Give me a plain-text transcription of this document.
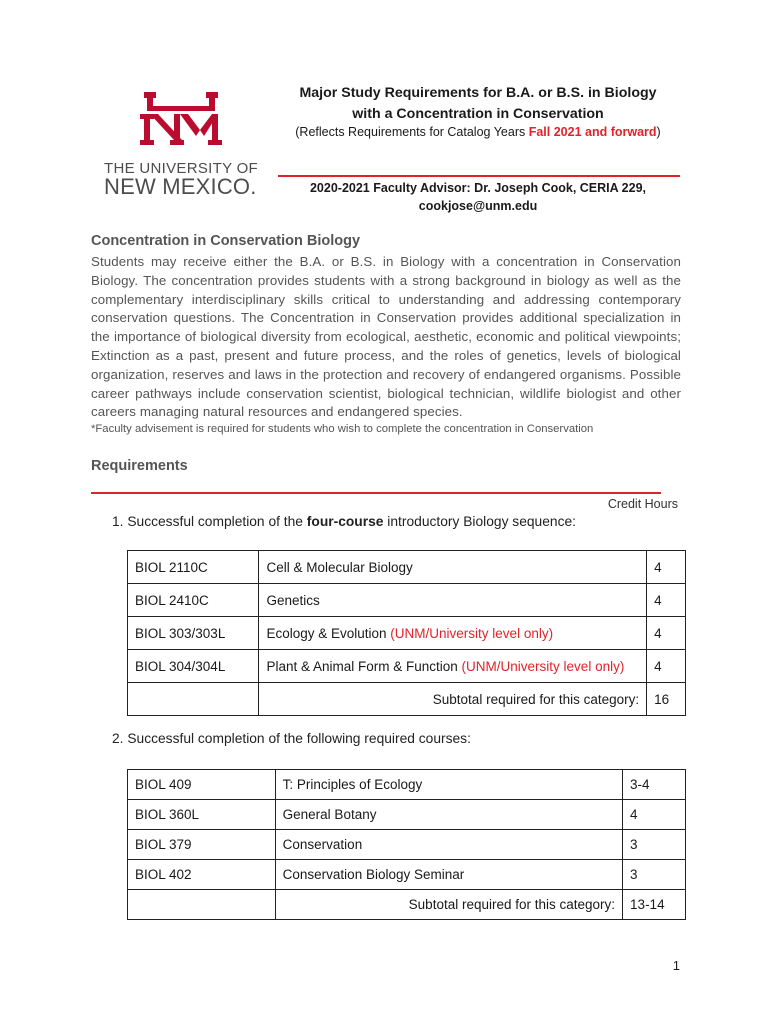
THE UNIVERSITY OF
NEW MEXICO.
Major Study Requirements for B.A. or B.S. in Biology
with a Concentration in Conservation
(Reflects Requirements for Catalog Years Fall 2021 and forward)
2020-2021 Faculty Advisor: Dr. Joseph Cook, CERIA 229,
cookjose@unm.edu
Concentration in Conservation Biology
Students may receive either the B.A. or B.S. in Biology with a concentration in Conservation Biology. The concentration provides students with a strong background in biology as well as the complementary interdisciplinary skills critical to understanding and addressing contemporary conservation questions. The Concentration in Conservation provides additional specialization in the importance of biological diversity from ecological, aesthetic, economic and political viewpoints; Extinction as a past, present and future process, and the roles of genetics, levels of biological organization, reserves and laws in the protection and recovery of endangered organisms. Possible career pathways include conservation scientist, biological technician, wildlife biologist and other careers managing natural resources and endangered species.
*Faculty advisement is required for students who wish to complete the concentration in Conservation
Requirements
Credit Hours
1. Successful completion of the four-course introductory Biology sequence:
BIOL 2110C	Cell & Molecular Biology	4
BIOL 2410C	Genetics	4
BIOL 303/303L	Ecology & Evolution (UNM/University level only)	4
BIOL 304/304L	Plant & Animal Form & Function (UNM/University level only)	4
	Subtotal required for this category:	16
2. Successful completion of the following required courses:
BIOL 409	T: Principles of Ecology	3-4
BIOL 360L	General Botany	4
BIOL 379	Conservation	3
BIOL 402	Conservation Biology Seminar	3
	Subtotal required for this category:	13-14
1
